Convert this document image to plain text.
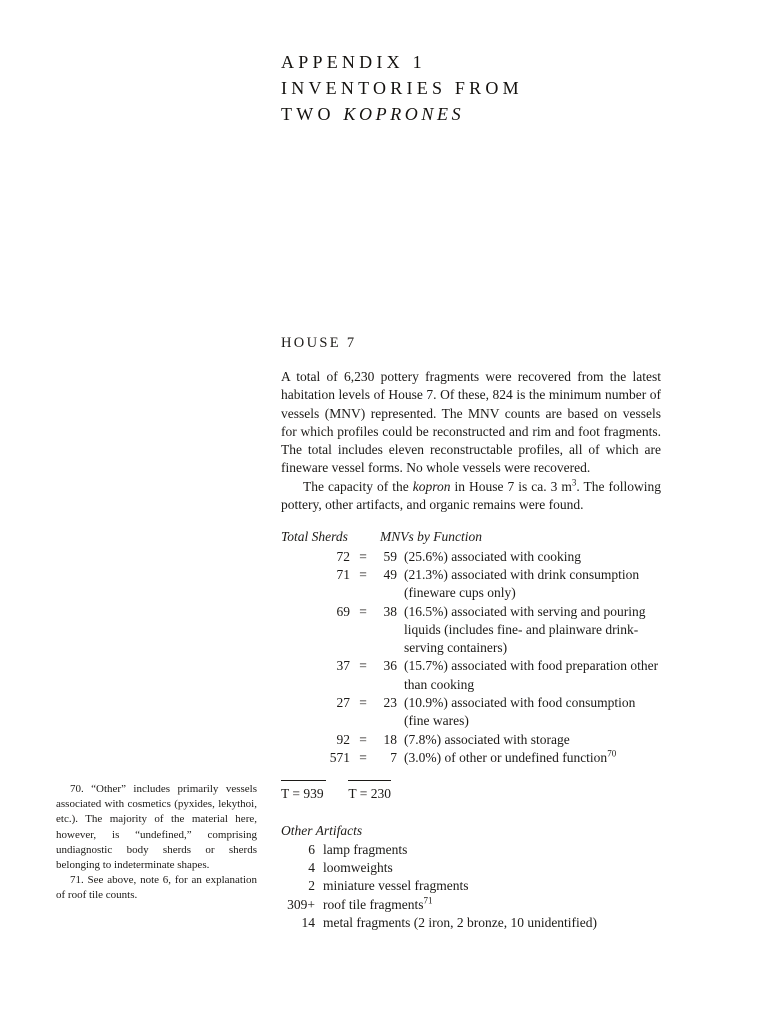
APPENDIX 1
INVENTORIES FROM
TWO KOPRONES
HOUSE 7

A total of 6,230 pottery fragments were recovered from the latest habitation levels of House 7. Of these, 824 is the minimum number of vessels (MNV) represented. The MNV counts are based on vessels for which profiles could be reconstructed and rim and foot fragments. The total includes eleven reconstructable profiles, all of which are fineware vessel forms. No whole vessels were recovered.

The capacity of the kopron in House 7 is ca. 3 $m^3$. The following pottery, other artifacts, and organic remains were found.

Total Sherds	MNVs by Function
72 =	59 (25.6%) associated with cooking
71 =	49 (21.3%) associated with drink consumption (fineware cups only)
69 =	38 (16.5%) associated with serving and pouring liquids (includes fine- and plainware drink-serving containers)
37 =	36 (15.7%) associated with food preparation other than cooking
27 =	23 (10.9%) associated with food consumption (fine wares)
92 =	18 (7.8%) associated with storage
571 =	7 (3.0%) of other or undefined function$^{70}$
T = 939 T = 230
Other Artifacts
6 lamp fragments
4 loomweights
2 miniature vessel fragments
309+ roof tile fragments$^{71}$
14 metal fragments (2 iron, 2 bronze, 10 unidentified)

70. “Other” includes primarily vessels associated with cosmetics (pyxides, lekythoi, etc.). The majority of the material here, however, is “undefined,” comprising undiagnostic body sherds or sherds belonging to indeterminate shapes.

71. See above, note 6, for an explanation of roof tile counts.
